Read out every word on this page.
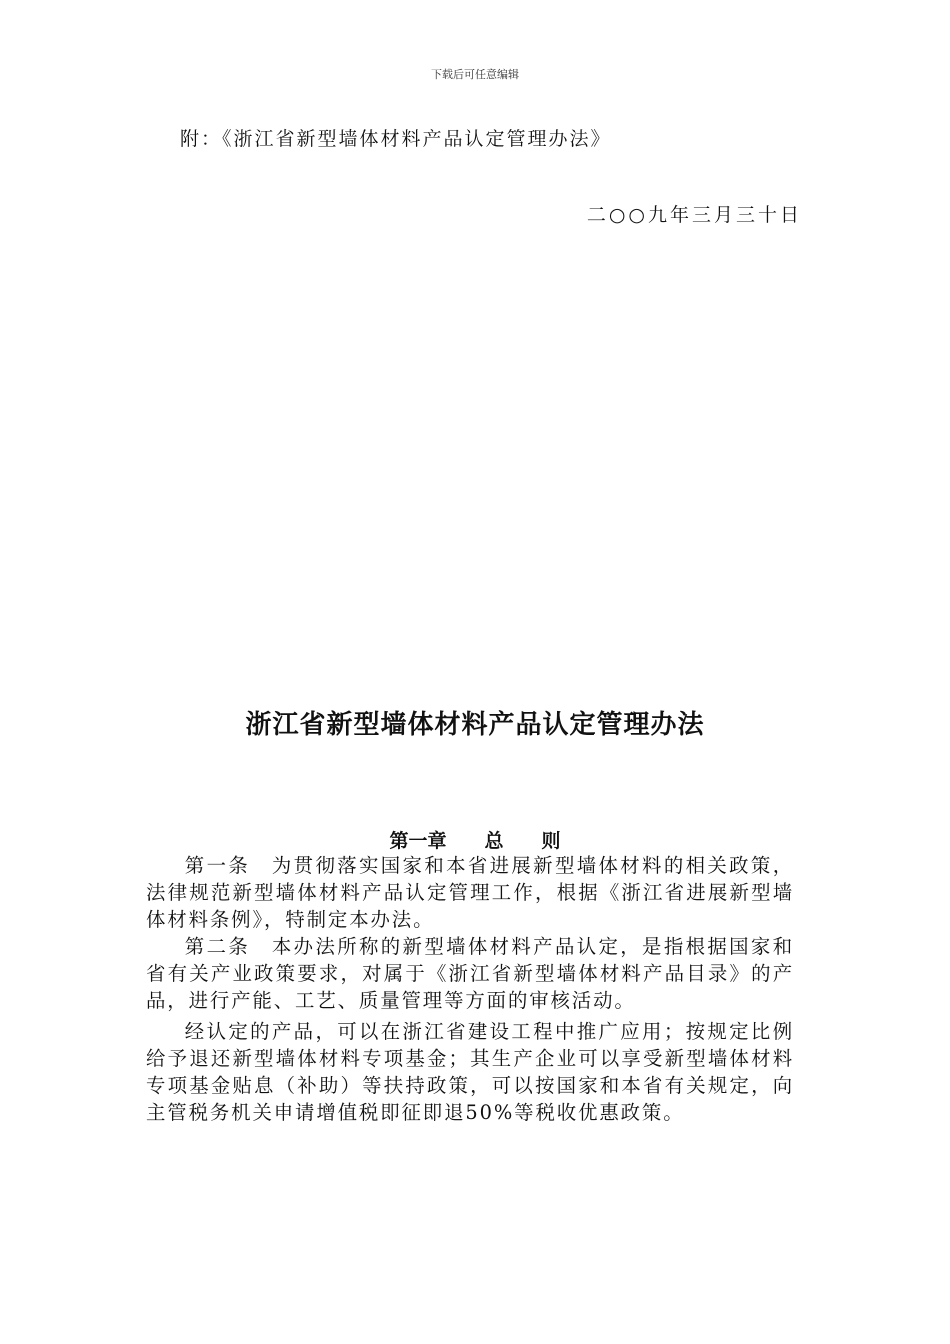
下载后可任意编辑
附：《浙江省新型墙体材料产品认定管理办法》
二○○九年三月三十日
浙江省新型墙体材料产品认定管理办法
第一章　　总　　则

第一条　为贯彻落实国家和本省进展新型墙体材料的相关政策，法律规范新型墙体材料产品认定管理工作，根据《浙江省进展新型墙体材料条例》，特制定本办法。

第二条　本办法所称的新型墙体材料产品认定，是指根据国家和省有关产业政策要求，对属于《浙江省新型墙体材料产品目录》的产品，进行产能、工艺、质量管理等方面的审核活动。

经认定的产品，可以在浙江省建设工程中推广应用；按规定比例给予退还新型墙体材料专项基金；其生产企业可以享受新型墙体材料专项基金贴息（补助）等扶持政策，可以按国家和本省有关规定，向主管税务机关申请增值税即征即退50%等税收优惠政策。
